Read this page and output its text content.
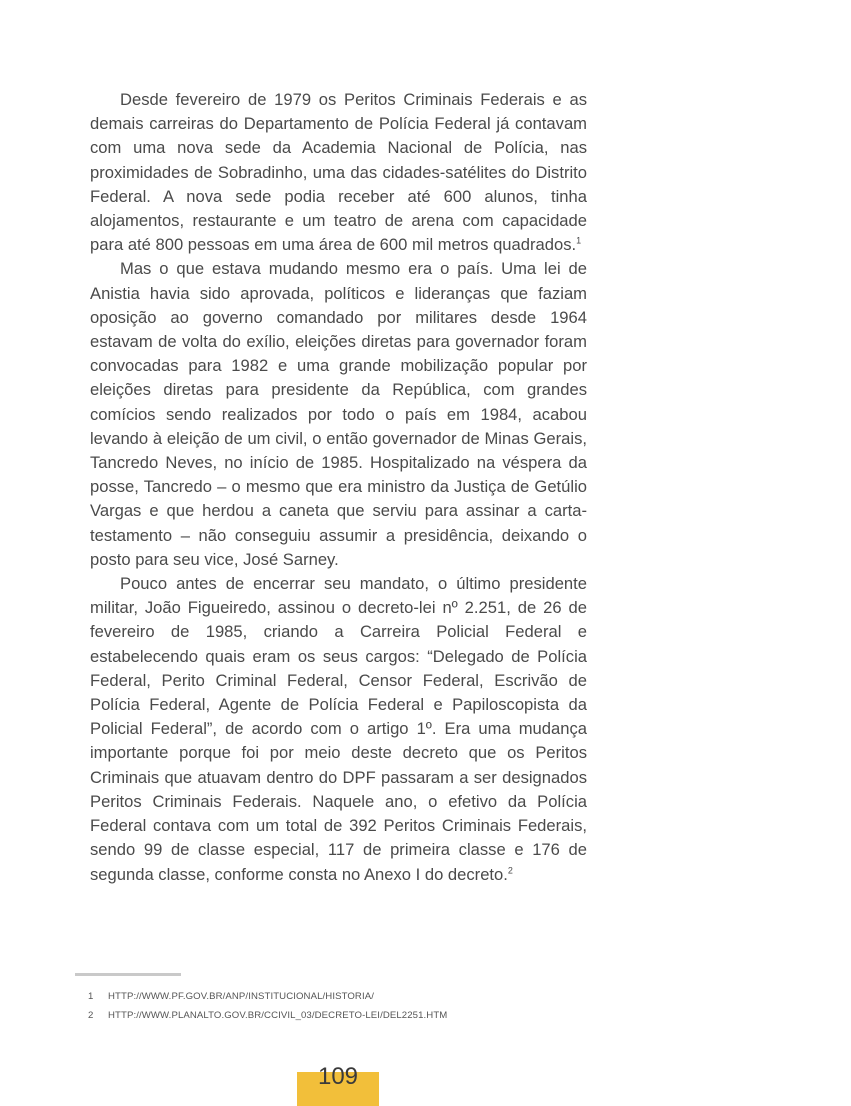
Desde fevereiro de 1979 os Peritos Criminais Federais e as demais carreiras do Departamento de Polícia Federal já contavam com uma nova sede da Academia Nacional de Polícia, nas proximidades de Sobradinho, uma das cidades-satélites do Distrito Federal. A nova sede podia receber até 600 alunos, tinha alojamentos, restaurante e um teatro de arena com capacidade para até 800 pessoas em uma área de 600 mil metros quadrados.$^1$

Mas o que estava mudando mesmo era o país. Uma lei de Anistia havia sido aprovada, políticos e lideranças que faziam oposição ao governo comandado por militares desde 1964 estavam de volta do exílio, eleições diretas para governador foram convocadas para 1982 e uma grande mobilização popular por eleições diretas para presidente da República, com grandes comícios sendo realizados por todo o país em 1984, acabou levando à eleição de um civil, o então governador de Minas Gerais, Tancredo Neves, no início de 1985. Hospitalizado na véspera da posse, Tancredo – o mesmo que era ministro da Justiça de Getúlio Vargas e que herdou a caneta que serviu para assinar a carta-testamento – não conseguiu assumir a presidência, deixando o posto para seu vice, José Sarney.

Pouco antes de encerrar seu mandato, o último presidente militar, João Figueiredo, assinou o decreto-lei nº 2.251, de 26 de fevereiro de 1985, criando a Carreira Policial Federal e estabelecendo quais eram os seus cargos: “Delegado de Polícia Federal, Perito Criminal Federal, Censor Federal, Escrivão de Polícia Federal, Agente de Polícia Federal e Papiloscopista da Policial Federal”, de acordo com o artigo 1º. Era uma mudança importante porque foi por meio deste decreto que os Peritos Criminais que atuavam dentro do DPF passaram a ser designados Peritos Criminais Federais. Naquele ano, o efetivo da Polícia Federal contava com um total de 392 Peritos Criminais Federais, sendo 99 de classe especial, 117 de primeira classe e 176 de segunda classe, conforme consta no Anexo I do decreto.$^2$

1	HTTP://WWW.PF.GOV.BR/ANP/INSTITUCIONAL/HISTORIA/
2	HTTP://WWW.PLANALTO.GOV.BR/CCIVIL_03/DECRETO-LEI/DEL2251.HTM
109
